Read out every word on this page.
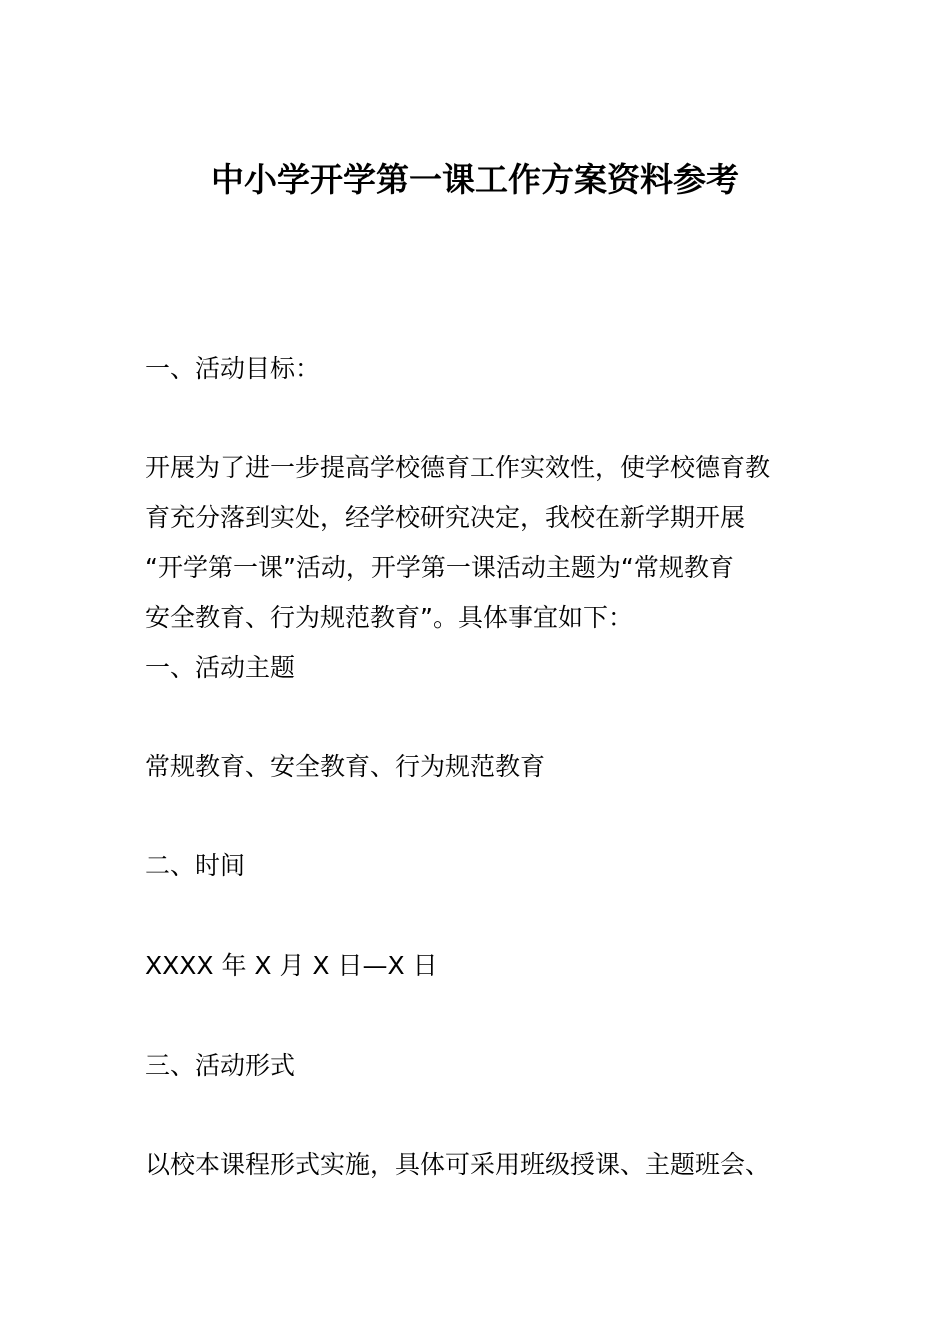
中小学开学第一课工作方案资料参考
一、活动目标：
开展为了进一步提高学校德育工作实效性，使学校德育教
育充分落到实处，经学校研究决定，我校在新学期开展
“开学第一课”活动，开学第一课活动主题为“常规教育
安全教育、行为规范教育”。具体事宜如下：
一、活动主题
常规教育、安全教育、行为规范教育
二、时间
XXXX 年 X 月 X 日—X 日
三、活动形式
以校本课程形式实施，具体可采用班级授课、主题班会、
